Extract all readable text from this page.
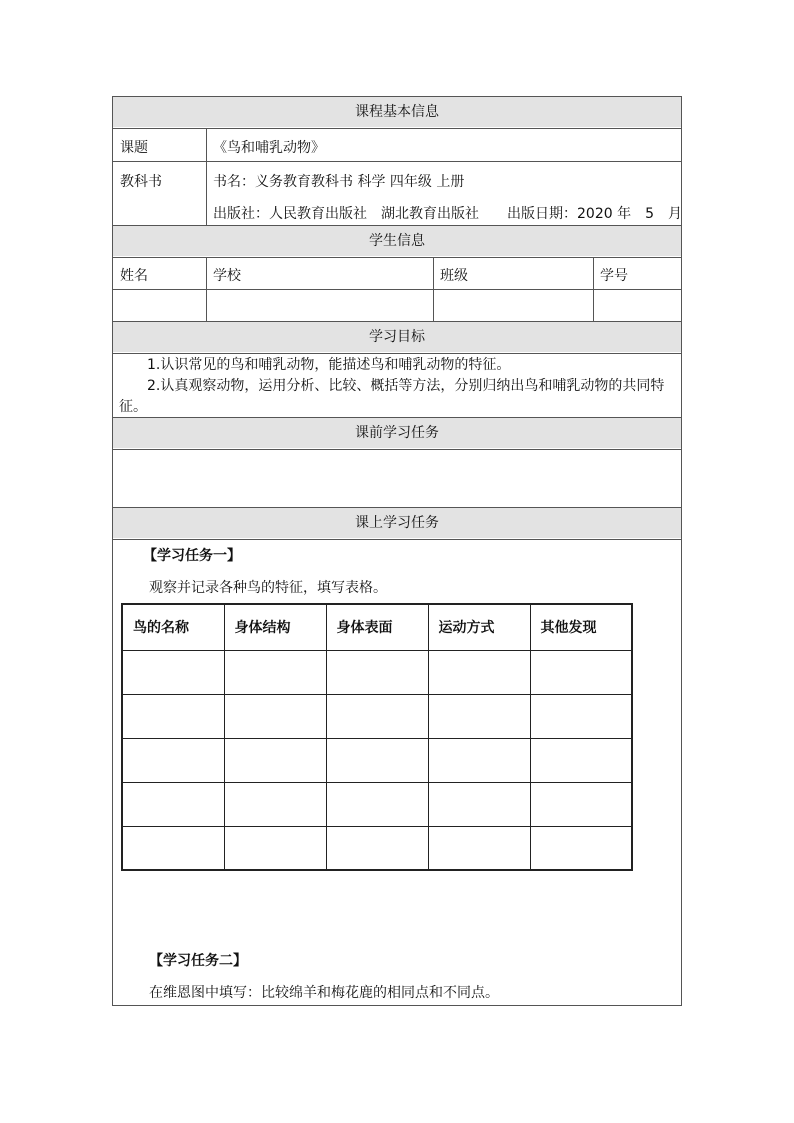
课程基本信息
课题	《鸟和哺乳动物》
教科书	书名：义务教育教科书 科学 四年级 上册
出版社：人民教育出版社　湖北教育出版社　　出版日期：2020 年　5　月
学生信息
姓名	学校	班级	学号
学习目标
　　1.认识常见的鸟和哺乳动物，能描述鸟和哺乳动物的特征。
　　2.认真观察动物，运用分析、比较、概括等方法，分别归纳出鸟和哺乳动物的共同特征。
课前学习任务
课上学习任务
【学习任务一】
观察并记录各种鸟的特征，填写表格。
鸟的名称	身体结构	身体表面	运动方式	其他发现

【学习任务二】
在维恩图中填写：比较绵羊和梅花鹿的相同点和不同点。
